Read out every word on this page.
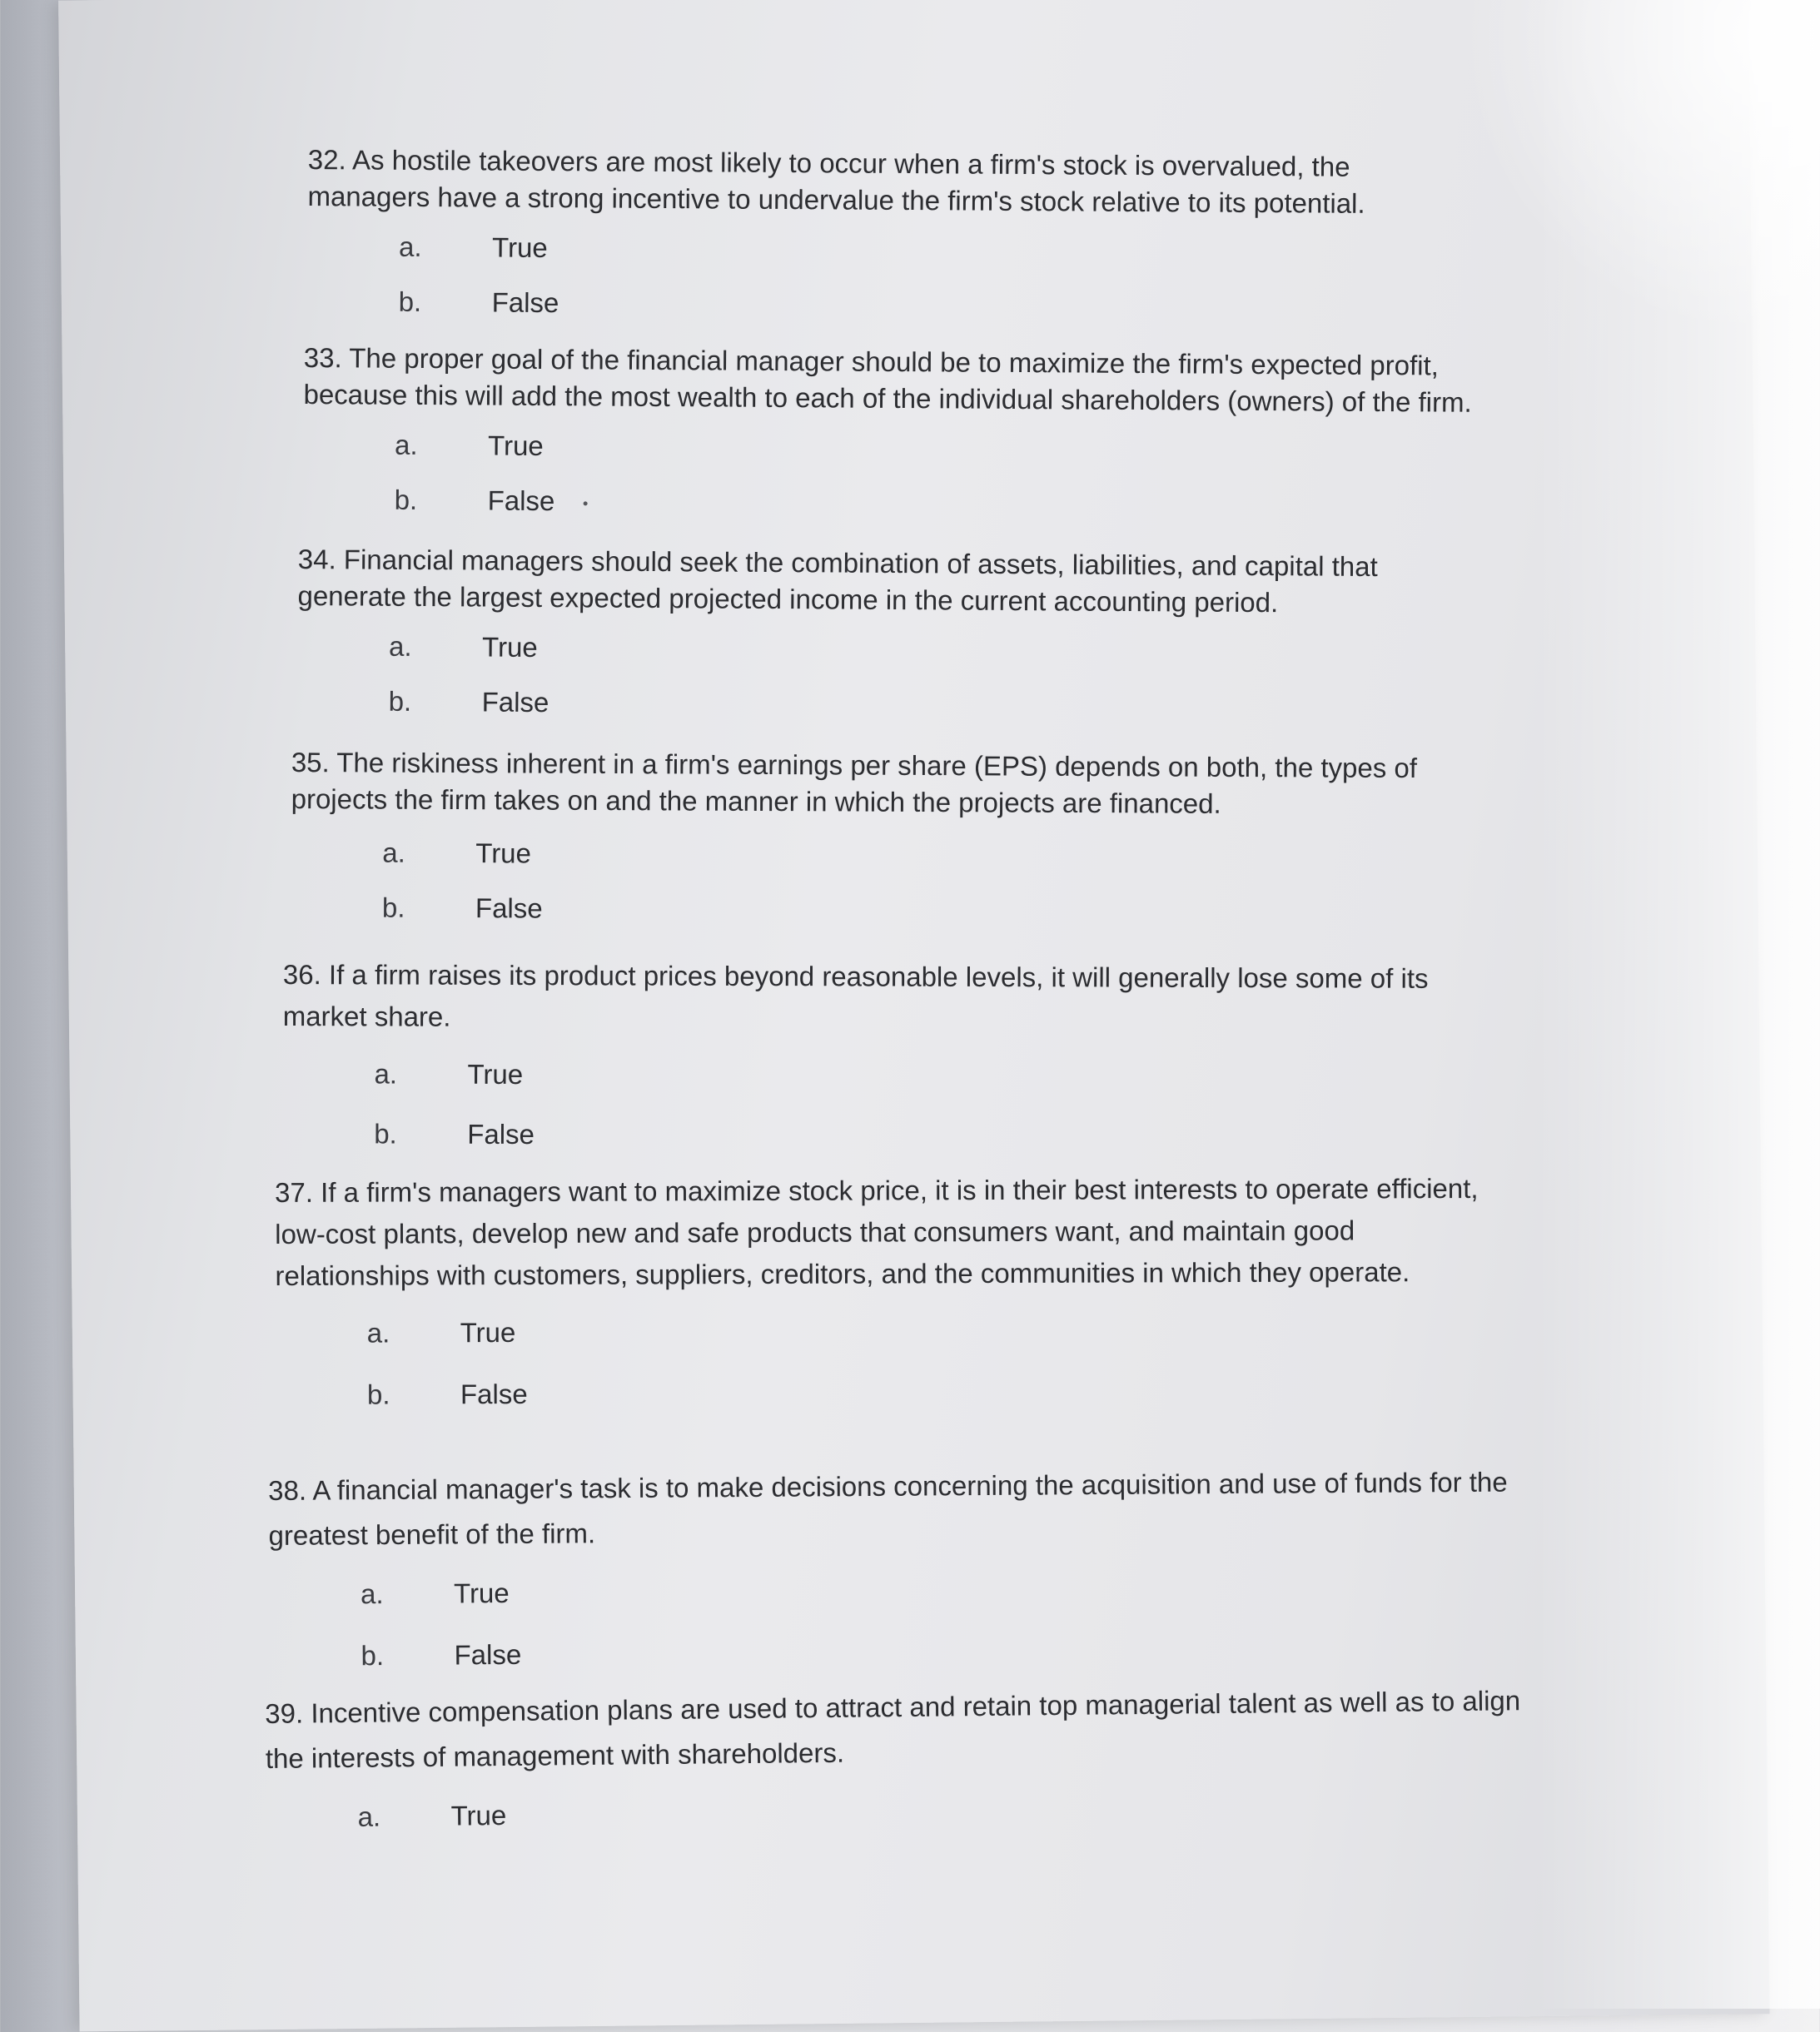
32. As hostile takeovers are most likely to occur when a firm's stock is overvalued, the managers have a strong incentive to undervalue the firm's stock relative to its potential.
a.	True
b.	False
33. The proper goal of the financial manager should be to maximize the firm's expected profit, because this will add the most wealth to each of the individual shareholders (owners) of the firm.
a.	True
b.	False
34. Financial managers should seek the combination of assets, liabilities, and capital that generate the largest expected projected income in the current accounting period.
a.	True
b.	False
35. The riskiness inherent in a firm's earnings per share (EPS) depends on both, the types of projects the firm takes on and the manner in which the projects are financed.
a.	True
b.	False
36. If a firm raises its product prices beyond reasonable levels, it will generally lose some of its market share.
a.	True
b.	False
37. If a firm's managers want to maximize stock price, it is in their best interests to operate efficient, low-cost plants, develop new and safe products that consumers want, and maintain good relationships with customers, suppliers, creditors, and the communities in which they operate.
a.	True
b.	False
38. A financial manager's task is to make decisions concerning the acquisition and use of funds for the greatest benefit of the firm.
a.	True
b.	False
39. Incentive compensation plans are used to attract and retain top managerial talent as well as to align the interests of management with shareholders.
a.	True
